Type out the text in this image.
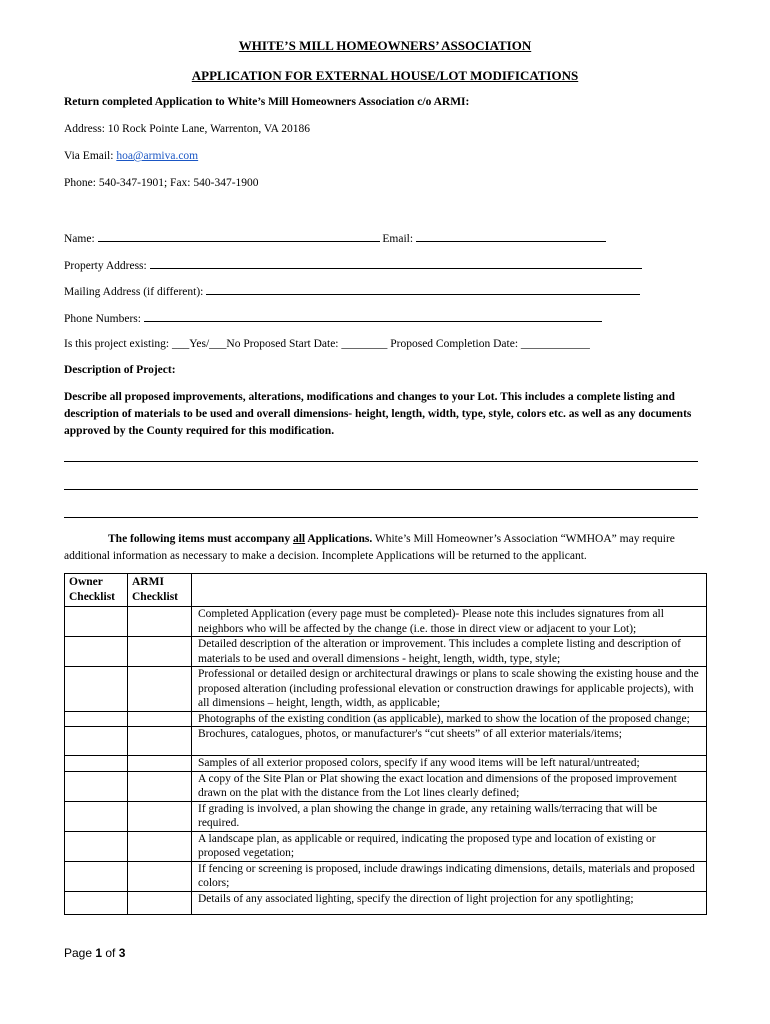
WHITE’S MILL HOMEOWNERS’ ASSOCIATION
APPLICATION FOR EXTERNAL HOUSE/LOT MODIFICATIONS
Return completed Application to White’s Mill Homeowners Association c/o ARMI:
Address: 10 Rock Pointe Lane, Warrenton, VA 20186
Via Email: hoa@armiva.com
Phone: 540-347-1901; Fax: 540-347-1900
Name:	Email:
Property Address:
Mailing Address (if different):
Phone Numbers:
Is this project existing: ___Yes/___No Proposed Start Date: ________ Proposed Completion Date: ____________
Description of Project:
Describe all proposed improvements, alterations, modifications and changes to your Lot. This includes a complete listing and description of materials to be used and overall dimensions- height, length, width, type, style, colors etc. as well as any documents approved by the County required for this modification.
The following items must accompany all Applications. White’s Mill Homeowner’s Association “WMHOA” may require additional information as necessary to make a decision. Incomplete Applications will be returned to the applicant.
Owner Checklist	ARMI Checklist	
		Completed Application (every page must be completed)- Please note this includes signatures from all neighbors who will be affected by the change (i.e. those in direct view or adjacent to your Lot);
		Detailed description of the alteration or improvement. This includes a complete listing and description of materials to be used and overall dimensions - height, length, width, type, style;
		Professional or detailed design or architectural drawings or plans to scale showing the existing house and the proposed alteration (including professional elevation or construction drawings for applicable projects), with all dimensions – height, length, width, as applicable;
		Photographs of the existing condition (as applicable), marked to show the location of the proposed change;
		Brochures, catalogues, photos, or manufacturer's “cut sheets” of all exterior materials/items;
		Samples of all exterior proposed colors, specify if any wood items will be left natural/untreated;
		A copy of the Site Plan or Plat showing the exact location and dimensions of the proposed improvement drawn on the plat with the distance from the Lot lines clearly defined;
		If grading is involved, a plan showing the change in grade, any retaining walls/terracing that will be required.
		A landscape plan, as applicable or required, indicating the proposed type and location of existing or proposed vegetation;
		If fencing or screening is proposed, include drawings indicating dimensions, details, materials and proposed colors;
		Details of any associated lighting, specify the direction of light projection for any spotlighting;
Page 1 of 3
